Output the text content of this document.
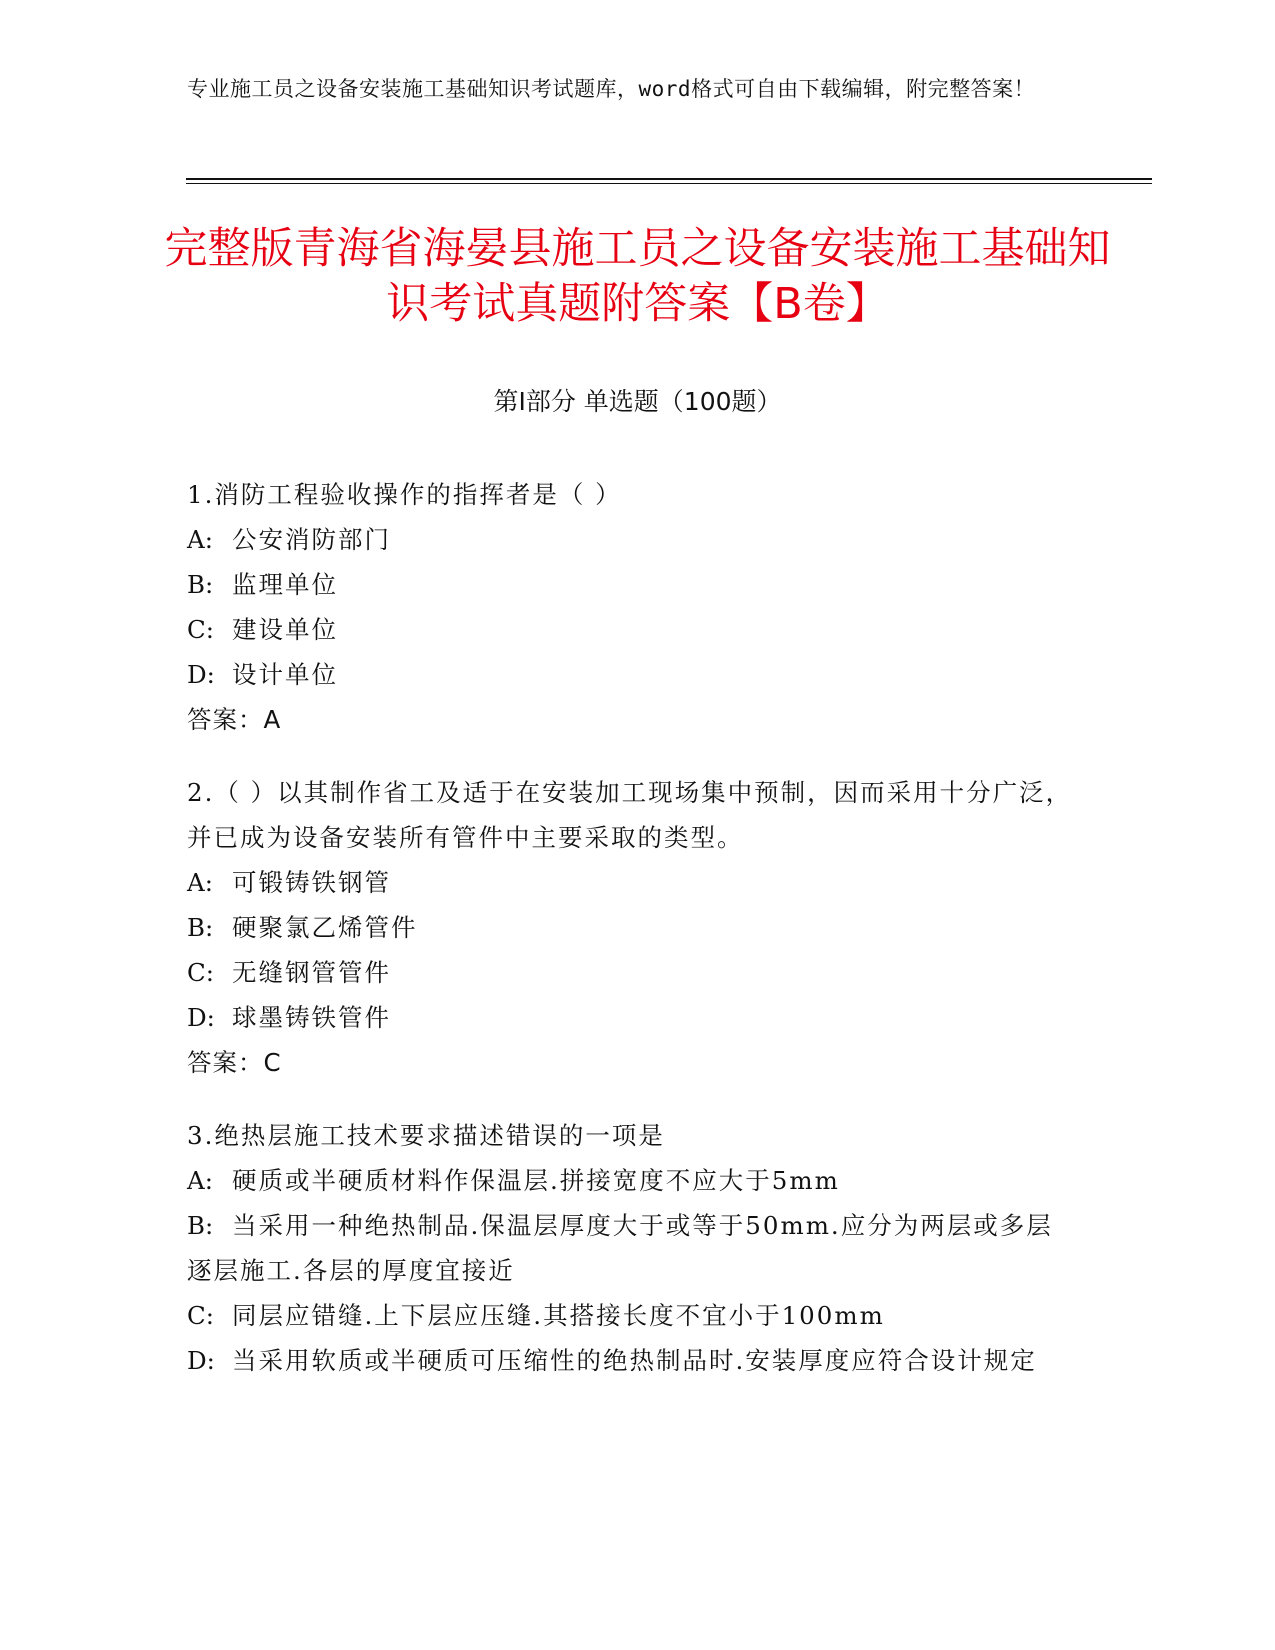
专业施工员之设备安装施工基础知识考试题库，word格式可自由下载编辑，附完整答案！
完整版青海省海晏县施工员之设备安装施工基础知识考试真题附答案【B卷】
第Ⅰ部分 单选题（100题）
1.消防工程验收操作的指挥者是（ ）
A: 公安消防部门
B: 监理单位
C: 建设单位
D: 设计单位
答案：A
2.（ ）以其制作省工及适于在安装加工现场集中预制，因而采用十分广泛，并已成为设备安装所有管件中主要采取的类型。
A: 可锻铸铁钢管
B: 硬聚氯乙烯管件
C: 无缝钢管管件
D: 球墨铸铁管件
答案：C
3.绝热层施工技术要求描述错误的一项是
A: 硬质或半硬质材料作保温层.拼接宽度不应大于5mm
B: 当采用一种绝热制品.保温层厚度大于或等于50mm.应分为两层或多层逐层施工.各层的厚度宜接近
C: 同层应错缝.上下层应压缝.其搭接长度不宜小于100mm
D: 当采用软质或半硬质可压缩性的绝热制品时.安装厚度应符合设计规定
